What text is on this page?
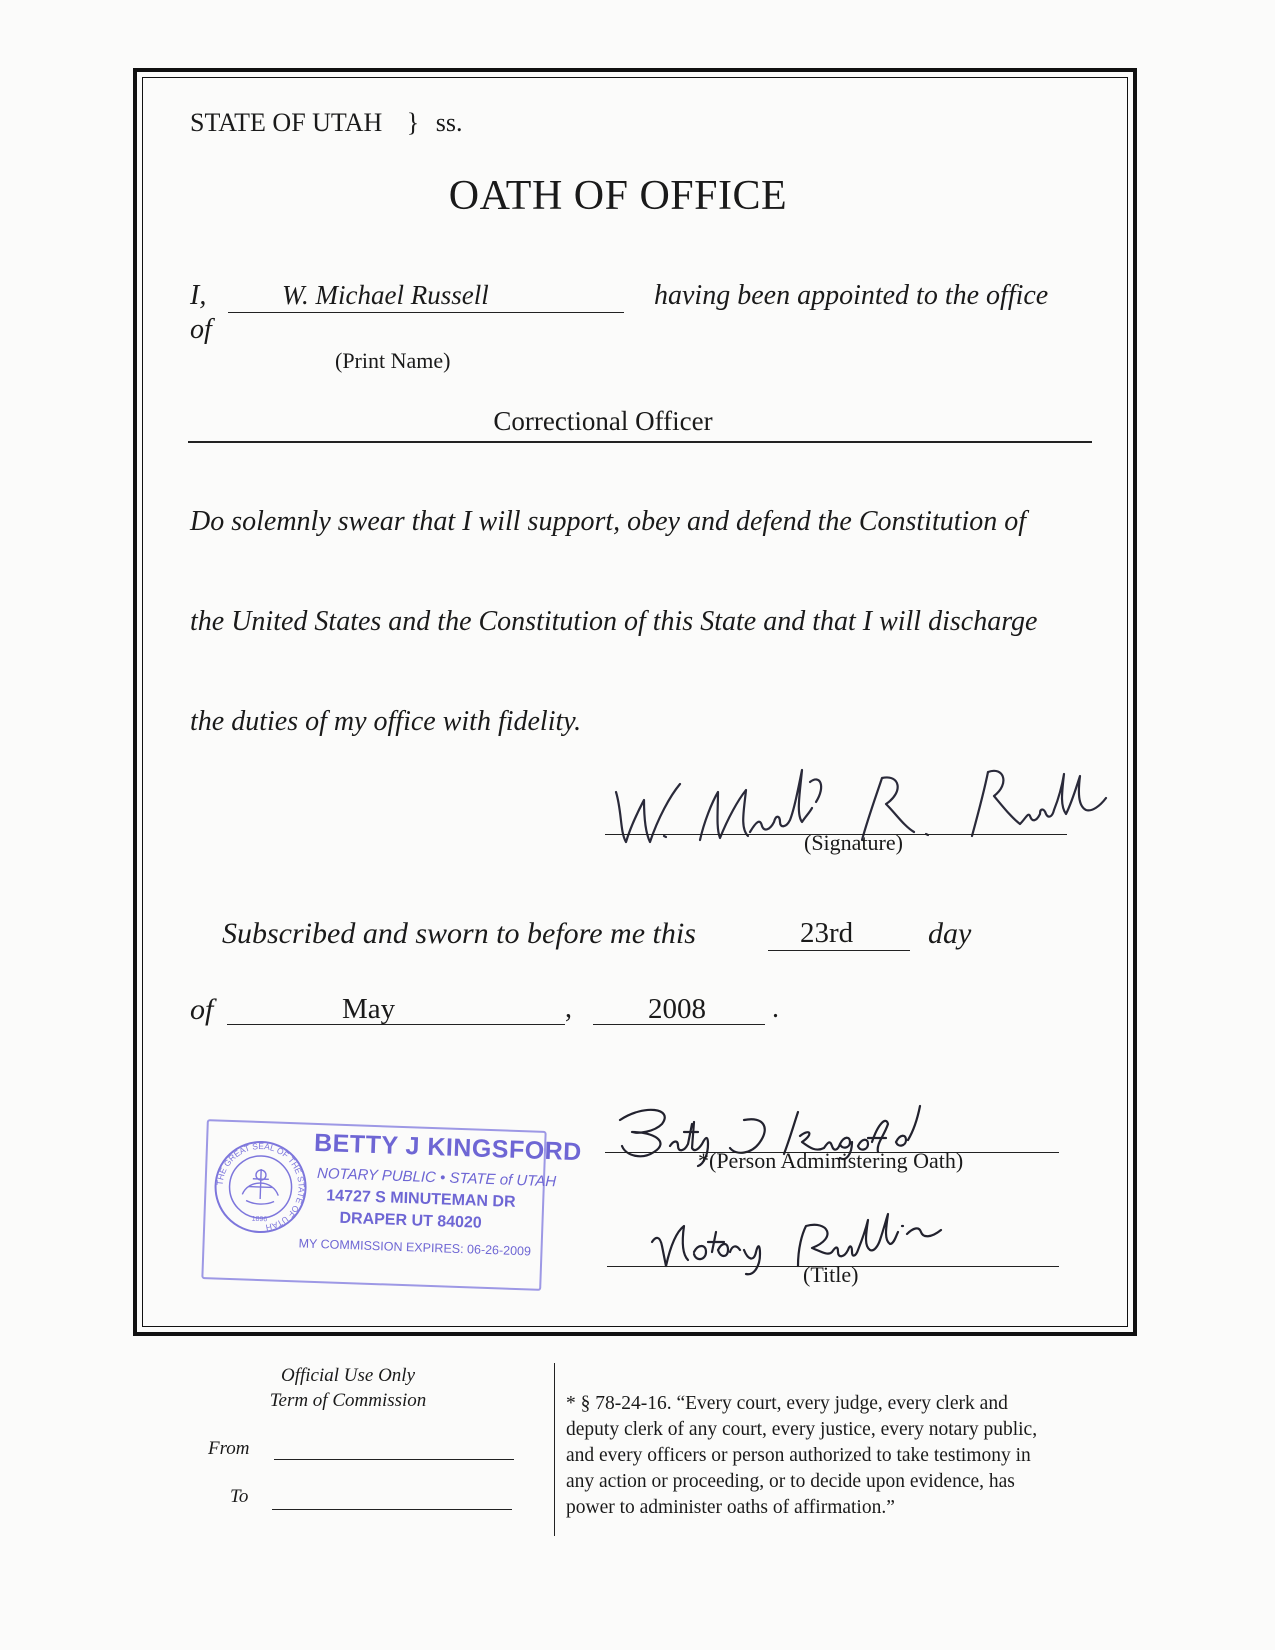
STATE OF UTAH } ss.
OATH OF OFFICE
I,	W. Michael Russell	having been appointed to the office
of
(Print Name)
Correctional Officer
Do solemnly swear that I will support, obey and defend the Constitution of
the United States and the Constitution of this State and that I will discharge
the duties of my office with fidelity.
(Signature)
Subscribed and sworn to before me this	23rd day
of	May	,	2008 .
THE GREAT SEAL OF THE STATE OF UTAH
1896
BETTY J KINGSFORD
NOTARY PUBLIC • STATE of UTAH
14727 S MINUTEMAN DR
DRAPER UT 84020
MY COMMISSION EXPIRES: 06-26-2009
*(Person Administering Oath)
(Title)
Official Use Only
Term of Commission
From
To
* § 78-24-16. “Every court, every judge, every clerk and
deputy clerk of any court, every justice, every notary public,
and every officers or person authorized to take testimony in
any action or proceeding, or to decide upon evidence, has
power to administer oaths of affirmation.”
